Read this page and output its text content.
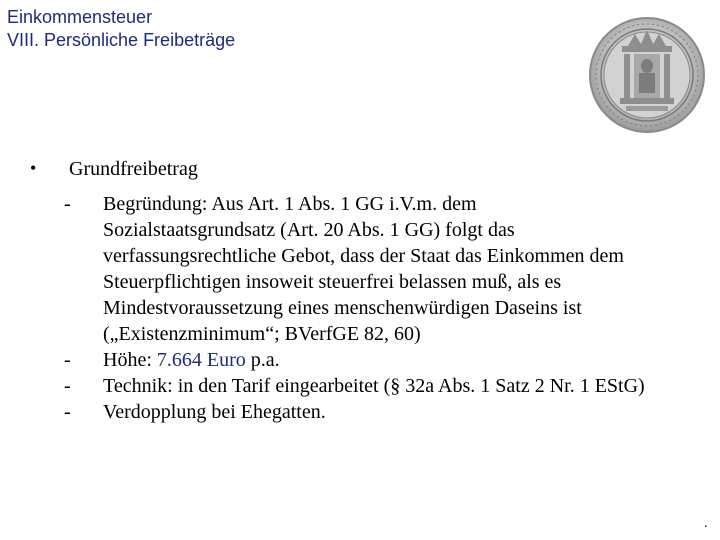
Einkommensteuer
VIII. Persönliche Freibeträge
• Grundfreibetrag
-	Begründung: Aus Art. 1 Abs. 1 GG i.V.m. dem
Sozialstaatsgrundsatz (Art. 20 Abs. 1 GG) folgt das
verfassungsrechtliche Gebot, dass der Staat das Einkommen dem
Steuerpflichtigen insoweit steuerfrei belassen muß, als es
Mindestvoraussetzung eines menschenwürdigen Daseins ist
(„Existenzminimum“; BVerfGE 82, 60)
-	Höhe: 7.664 Euro p.a.
-	Technik: in den Tarif eingearbeitet (§ 32a Abs. 1 Satz 2 Nr. 1 EStG)
-	Verdopplung bei Ehegatten.
.
